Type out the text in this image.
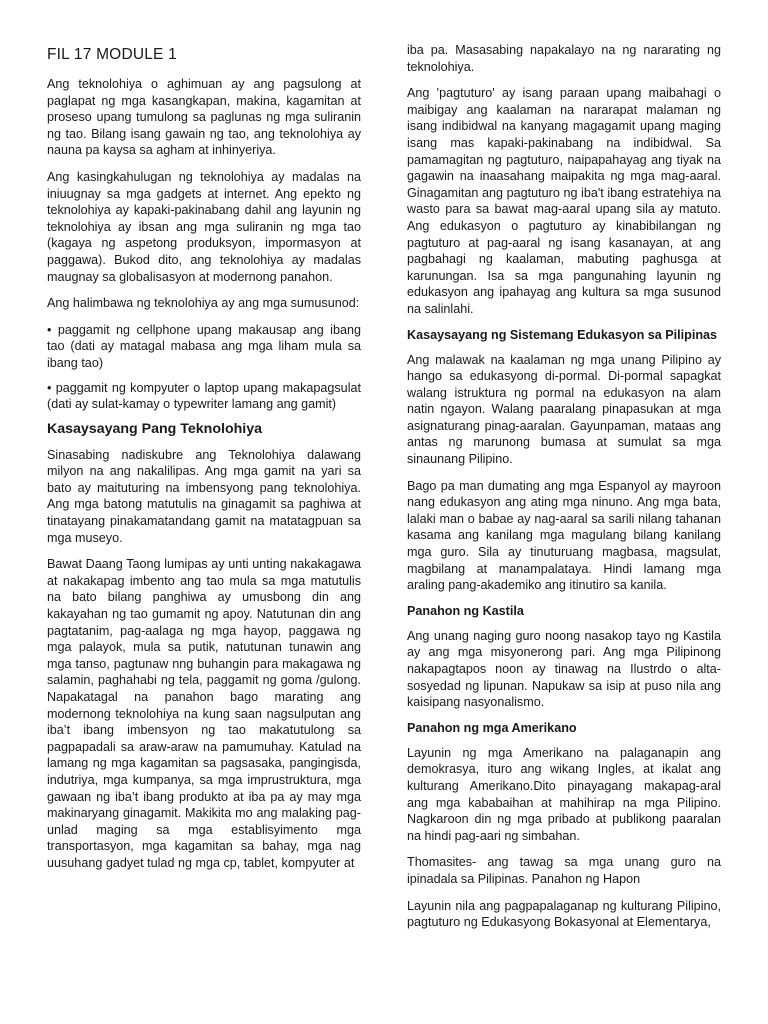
FIL 17 MODULE 1

Ang teknolohiya o aghimuan ay ang pagsulong at paglapat ng mga kasangkapan, makina, kagamitan at proseso upang tumulong sa paglunas ng mga suliranin ng tao. Bilang isang gawain ng tao, ang teknolohiya ay nauna pa kaysa sa agham at inhinyeriya.

Ang kasingkahulugan ng teknolohiya ay madalas na iniuugnay sa mga gadgets at internet. Ang epekto ng teknolohiya ay kapaki-pakinabang dahil ang layunin ng teknolohiya ay ibsan ang mga suliranin ng mga tao (kagaya ng aspetong produksyon, impormasyon at paggawa). Bukod dito, ang teknolohiya ay madalas maugnay sa globalisasyon at modernong panahon.

Ang halimbawa ng teknolohiya ay ang mga sumusunod:

• paggamit ng cellphone upang makausap ang ibang tao (dati ay matagal mabasa ang mga liham mula sa ibang tao)

• paggamit ng kompyuter o laptop upang makapagsulat (dati ay sulat-kamay o typewriter lamang ang gamit)

Kasaysayang Pang Teknolohiya

Sinasabing nadiskubre ang Teknolohiya dalawang milyon na ang nakalilipas. Ang mga gamit na yari sa bato ay maituturing na imbensyong pang teknolohiya. Ang mga batong matutulis na ginagamit sa paghiwa at tinatayang pinakamatandang gamit na matatagpuan sa mga museyo.

Bawat Daang Taong lumipas ay unti unting nakakagawa at nakakapag imbento ang tao mula sa mga matutulis na bato bilang panghiwa ay umusbong din ang kakayahan ng tao gumamit ng apoy. Natutunan din ang pagtatanim, pag-aalaga ng mga hayop, paggawa ng mga palayok, mula sa putik, natutunan tunawin ang mga tanso, pagtunaw nng buhangin para makagawa ng salamin, paghahabi ng tela, paggamit ng goma /gulong. Napakatagal na panahon bago marating ang modernong teknolohiya na kung saan nagsulputan ang iba’t ibang imbensyon ng tao makatutulong sa pagpapadali sa araw-araw na pamumuhay. Katulad na lamang ng mga kagamitan sa pagsasaka, pangingisda, indutriya, mga kumpanya, sa mga imprustruktura, mga gawaan ng iba’t ibang produkto at iba pa ay may mga makinaryang ginagamit. Makikita mo ang malaking pag-unlad maging sa mga establisyimento mga transportasyon, mga kagamitan sa bahay, mga nag uusuhang gadyet tulad ng mga cp, tablet, kompyuter at

iba pa. Masasabing napakalayo na ng nararating ng teknolohiya.

Ang 'pagtuturo' ay isang paraan upang maibahagi o maibigay ang kaalaman na nararapat malaman ng isang indibidwal na kanyang magagamit upang maging isang mas kapaki-pakinabang na indibidwal. Sa pamamagitan ng pagtuturo, naipapahayag ang tiyak na gagawin na inaasahang maipakita ng mga mag-aaral. Ginagamitan ang pagtuturo ng iba't ibang estratehiya na wasto para sa bawat mag-aaral upang sila ay matuto. Ang edukasyon o pagtuturo ay kinabibilangan ng pagtuturo at pag-aaral ng isang kasanayan, at ang pagbahagi ng kaalaman, mabuting paghusga at karunungan. Isa sa mga pangunahing layunin ng edukasyon ang ipahayag ang kultura sa mga susunod na salinlahi.

Kasaysayang ng Sistemang Edukasyon sa Pilipinas

Ang malawak na kaalaman ng mga unang Pilipino ay hango sa edukasyong di-pormal. Di-pormal sapagkat walang istruktura ng pormal na edukasyon na alam natin ngayon. Walang paaralang pinapasukan at mga asignaturang pinag-aaralan. Gayunpaman, mataas ang antas ng marunong bumasa at sumulat sa mga sinaunang Pilipino.

Bago pa man dumating ang mga Espanyol ay mayroon nang edukasyon ang ating mga ninuno. Ang mga bata, lalaki man o babae ay nag-aaral sa sarili nilang tahanan kasama ang kanilang mga magulang bilang kanilang mga guro. Sila ay tinuturuang magbasa, magsulat, magbilang at manampalataya. Hindi lamang mga araling pang-akademiko ang itinutiro sa kanila.

Panahon ng Kastila

Ang unang naging guro noong nasakop tayo ng Kastila ay ang mga misyonerong pari. Ang mga Pilipinong nakapagtapos noon ay tinawag na Ilustrdo o alta-sosyedad ng lipunan. Napukaw sa isip at puso nila ang kaisipang nasyonalismo.

Panahon ng mga Amerikano

Layunin ng mga Amerikano na palaganapin ang demokrasya, ituro ang wikang Ingles, at ikalat ang kulturang Amerikano.Dito pinayagang makapag-aral ang mga kababaihan at mahihirap na mga Pilipino. Nagkaroon din ng mga pribado at publikong paaralan na hindi pag-aari ng simbahan.

Thomasites- ang tawag sa mga unang guro na ipinadala sa Pilipinas. Panahon ng Hapon

Layunin nila ang pagpapalaganap ng kulturang Pilipino, pagtuturo ng Edukasyong Bokasyonal at Elementarya,
